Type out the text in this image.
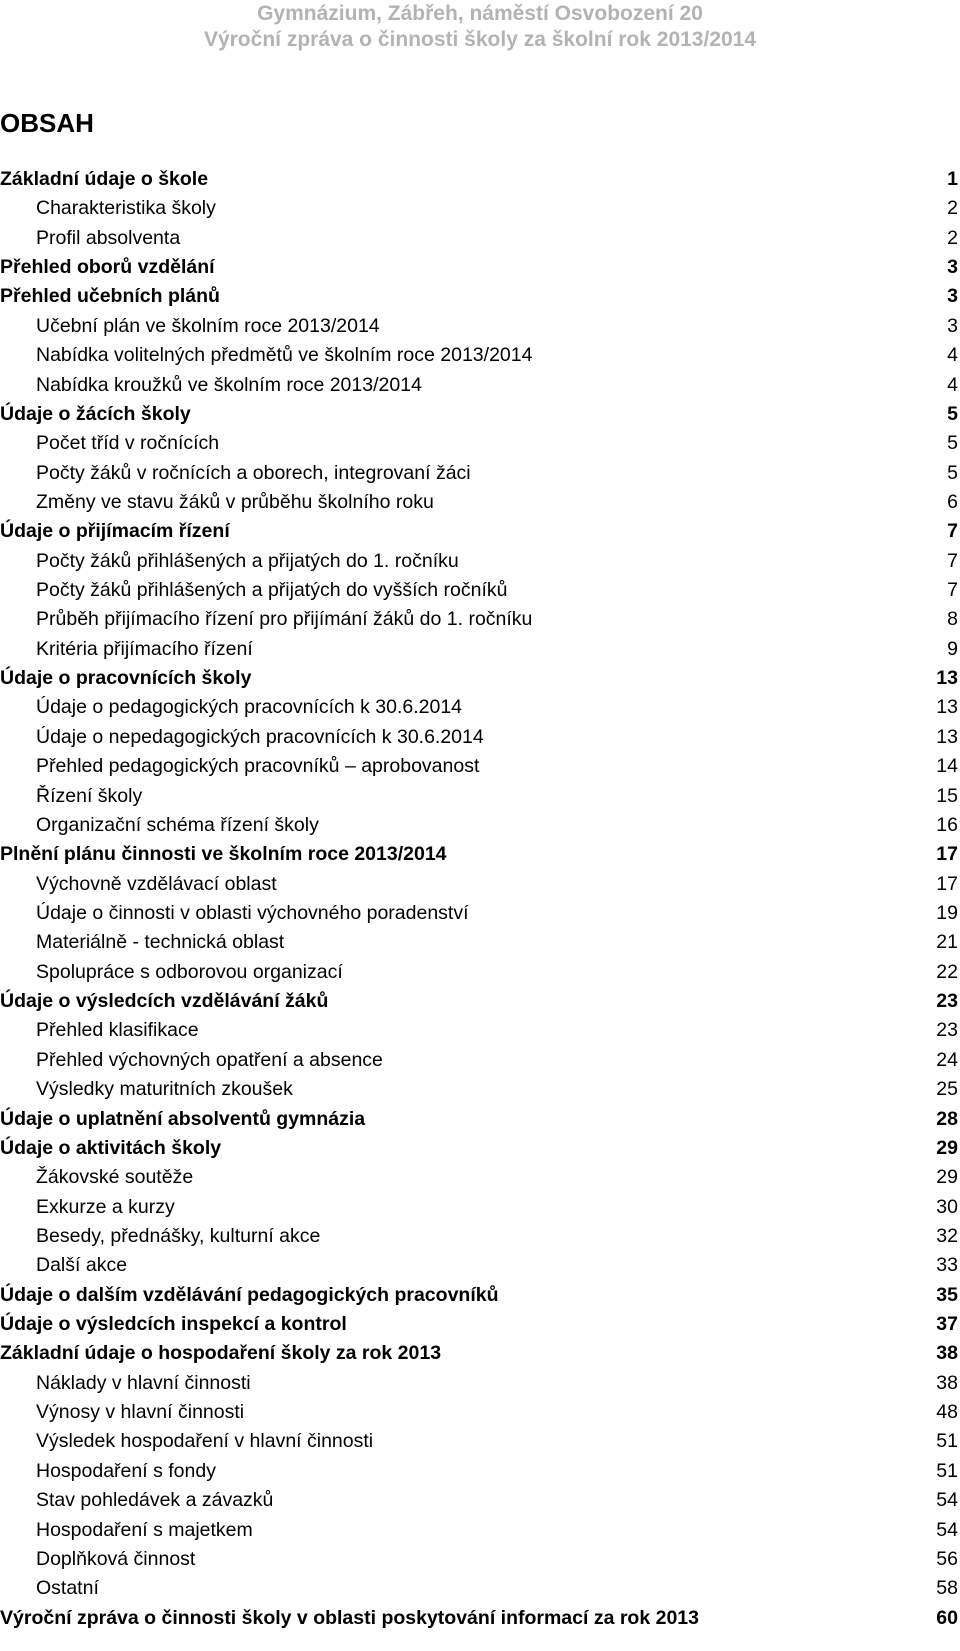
Gymnázium, Zábřeh, náměstí Osvobození 20
Výroční zpráva o činnosti školy za školní rok 2013/2014
OBSAH
Základní údaje o škole	1
Charakteristika školy	2
Profil absolventa	2
Přehled oborů vzdělání	3
Přehled učebních plánů	3
Učební plán ve školním roce 2013/2014	3
Nabídka volitelných předmětů ve školním roce 2013/2014	4
Nabídka kroužků ve školním roce 2013/2014	4
Údaje o žácích školy	5
Počet tříd v ročnících	5
Počty žáků v ročnících a oborech, integrovaní žáci	5
Změny ve stavu žáků v průběhu školního roku	6
Údaje o přijímacím řízení	7
Počty žáků přihlášených a přijatých do 1. ročníku	7
Počty žáků přihlášených a přijatých do vyšších ročníků	7
Průběh přijímacího řízení pro přijímání žáků do 1. ročníku	8
Kritéria přijímacího řízení	9
Údaje o pracovnících školy	13
Údaje o pedagogických pracovnících k 30.6.2014	13
Údaje o nepedagogických pracovnících k 30.6.2014	13
Přehled pedagogických pracovníků – aprobovanost	14
Řízení školy	15
Organizační schéma řízení školy	16
Plnění plánu činnosti ve školním roce 2013/2014	17
Výchovně vzdělávací oblast	17
Údaje o činnosti v oblasti výchovného poradenství	19
Materiálně - technická oblast	21
Spolupráce s odborovou organizací	22
Údaje o výsledcích vzdělávání žáků	23
Přehled klasifikace	23
Přehled výchovných opatření a absence	24
Výsledky maturitních zkoušek	25
Údaje o uplatnění absolventů gymnázia	28
Údaje o aktivitách školy	29
Žákovské soutěže	29
Exkurze a kurzy	30
Besedy, přednášky, kulturní akce	32
Další akce	33
Údaje o dalším vzdělávání pedagogických pracovníků	35
Údaje o výsledcích inspekcí a kontrol	37
Základní údaje o hospodaření školy za rok 2013	38
Náklady v hlavní činnosti	38
Výnosy v hlavní činnosti	48
Výsledek hospodaření v hlavní činnosti	51
Hospodaření s fondy	51
Stav pohledávek a závazků	54
Hospodaření s majetkem	54
Doplňková činnost	56
Ostatní	58
Výroční zpráva o činnosti školy v oblasti poskytování informací za rok 2013	60
